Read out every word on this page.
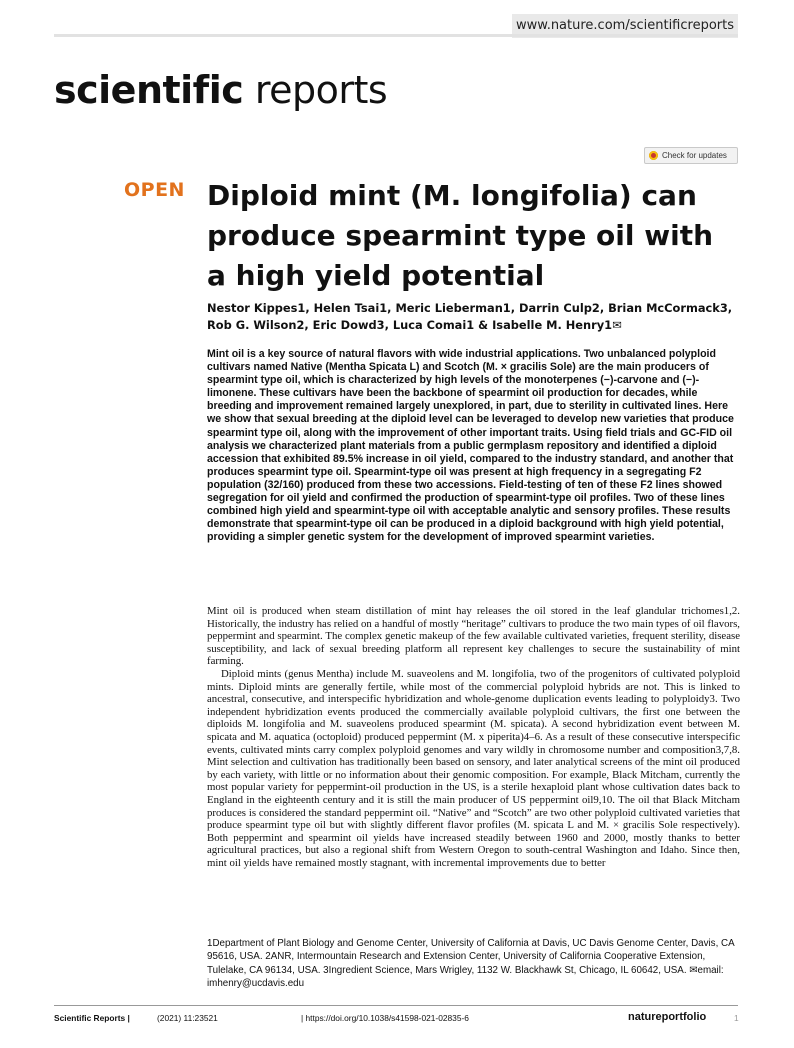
www.nature.com/scientificreports
scientific reports
Check for updates
OPEN Diploid mint (M. longifolia) can produce spearmint type oil with a high yield potential
Nestor Kippes1, Helen Tsai1, Meric Lieberman1, Darrin Culp2, Brian McCormack3, Rob G. Wilson2, Eric Dowd3, Luca Comai1 & Isabelle M. Henry1✉
Mint oil is a key source of natural flavors with wide industrial applications. Two unbalanced polyploid cultivars named Native (Mentha Spicata L) and Scotch (M. × gracilis Sole) are the main producers of spearmint type oil, which is characterized by high levels of the monoterpenes (−)-carvone and (−)-limonene. These cultivars have been the backbone of spearmint oil production for decades, while breeding and improvement remained largely unexplored, in part, due to sterility in cultivated lines. Here we show that sexual breeding at the diploid level can be leveraged to develop new varieties that produce spearmint type oil, along with the improvement of other important traits. Using field trials and GC-FID oil analysis we characterized plant materials from a public germplasm repository and identified a diploid accession that exhibited 89.5% increase in oil yield, compared to the industry standard, and another that produces spearmint type oil. Spearmint-type oil was present at high frequency in a segregating F2 population (32/160) produced from these two accessions. Field-testing of ten of these F2 lines showed segregation for oil yield and confirmed the production of spearmint-type oil profiles. Two of these lines combined high yield and spearmint-type oil with acceptable analytic and sensory profiles. These results demonstrate that spearmint-type oil can be produced in a diploid background with high yield potential, providing a simpler genetic system for the development of improved spearmint varieties.

Mint oil is produced when steam distillation of mint hay releases the oil stored in the leaf glandular trichomes1,2. Historically, the industry has relied on a handful of mostly “heritage” cultivars to produce the two main types of oil flavors, peppermint and spearmint. The complex genetic makeup of the few available cultivated varieties, frequent sterility, disease susceptibility, and lack of sexual breeding platform all represent key challenges to secure the sustainability of mint farming.

Diploid mints (genus Mentha) include M. suaveolens and M. longifolia, two of the progenitors of cultivated polyploid mints. Diploid mints are generally fertile, while most of the commercial polyploid hybrids are not. This is linked to ancestral, consecutive, and interspecific hybridization and whole-genome duplication events leading to polyploidy3. Two independent hybridization events produced the commercially available polyploid cultivars, the first one between the diploids M. longifolia and M. suaveolens produced spearmint (M. spicata). A second hybridization event between M. spicata and M. aquatica (octoploid) produced peppermint (M. x piperita)4–6. As a result of these consecutive interspecific events, cultivated mints carry complex polyploid genomes and vary wildly in chromosome number and composition3,7,8. Mint selection and cultivation has traditionally been based on sensory, and later analytical screens of the mint oil produced by each variety, with little or no information about their genomic composition. For example, Black Mitcham, currently the most popular variety for peppermint-oil production in the US, is a sterile hexaploid plant whose cultivation dates back to England in the eighteenth century and it is still the main producer of US peppermint oil9,10. The oil that Black Mitcham produces is considered the standard peppermint oil. “Native” and “Scotch” are two other polyploid cultivated varieties that produce spearmint type oil but with slightly different flavor profiles (M. spicata L and M. × gracilis Sole respectively). Both peppermint and spearmint oil yields have increased steadily between 1960 and 2000, mostly thanks to better agricultural practices, but also a regional shift from Western Oregon to south-central Washington and Idaho. Since then, mint oil yields have remained mostly stagnant, with incremental improvements due to better

1Department of Plant Biology and Genome Center, University of California at Davis, UC Davis Genome Center, Davis, CA 95616, USA. 2ANR, Intermountain Research and Extension Center, University of California Cooperative Extension, Tulelake, CA 96134, USA. 3Ingredient Science, Mars Wrigley, 1132 W. Blackhawk St, Chicago, IL 60642, USA. ✉email: imhenry@ucdavis.edu
Scientific Reports |	(2021) 11:23521	| https://doi.org/10.1038/s41598-021-02835-6	natureportfolio	1
